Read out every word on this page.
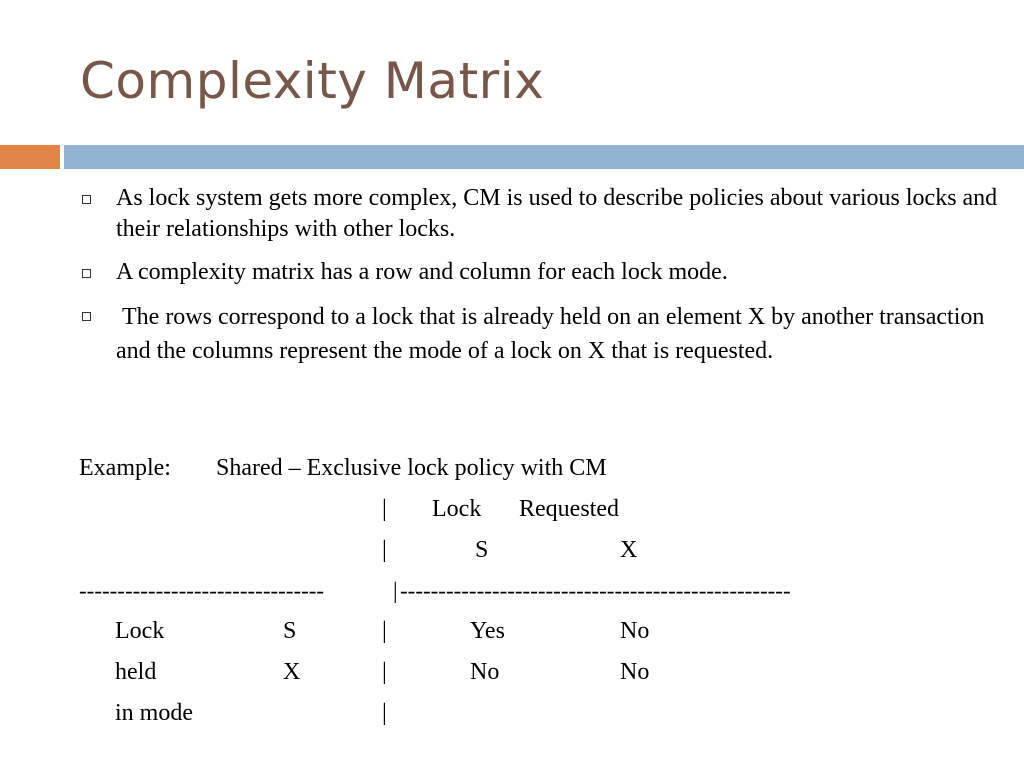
Complexity Matrix
As lock system gets more complex, CM is used to describe policies about various locks and their relationships with other locks.
A complexity matrix has a row and column for each lock mode.
The rows correspond to a lock that is already held on an element X by another transaction and the columns represent the mode of a lock on X that is requested.
Example: Shared – Exclusive lock policy with CM
| Lock Requested
|	S	X
--------------------------------	| ---------------------------------------------------
Lock	S	|	Yes	No
held	X	|	No	No
in mode	|
